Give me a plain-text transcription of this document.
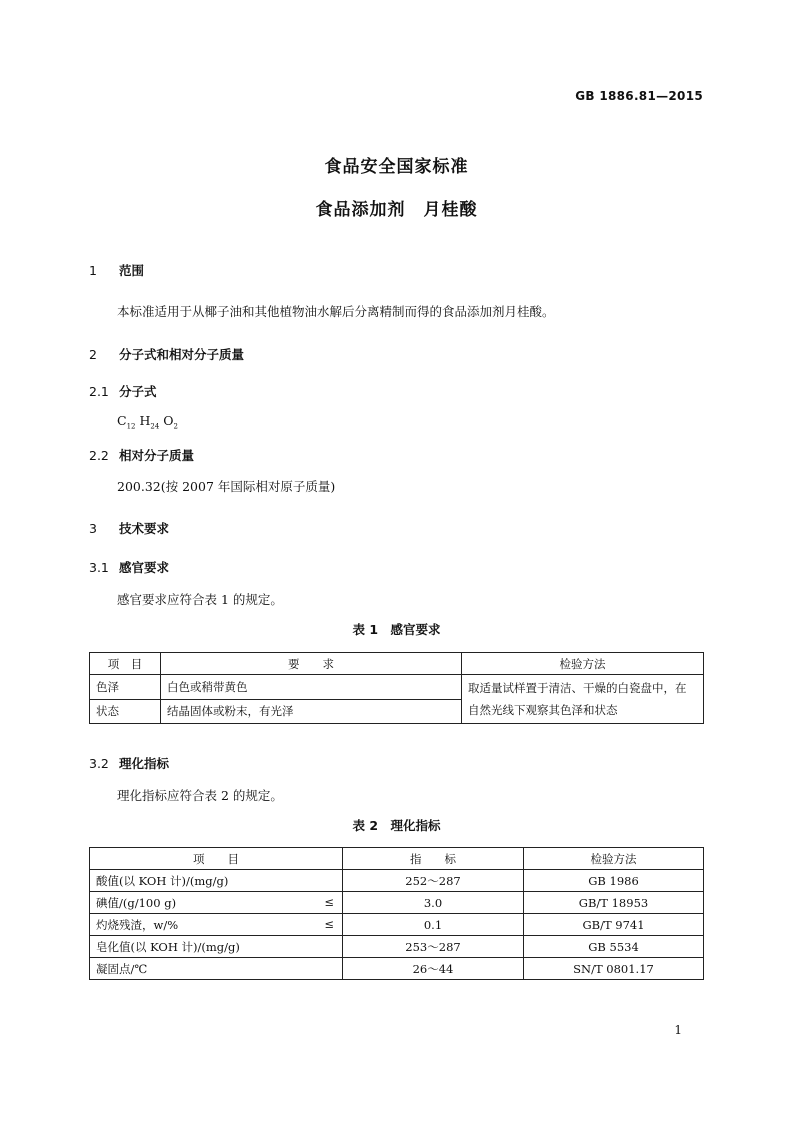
GB 1886.81—2015
食品安全国家标准
食品添加剂　月桂酸
1 范围
本标准适用于从椰子油和其他植物油水解后分离精制而得的食品添加剂月桂酸。
2 分子式和相对分子质量
2.1 分子式
$C_{12}$ $H_{24}$ $O_2$
2.2 相对分子质量
200.32(按 2007 年国际相对原子质量)
3 技术要求
3.1 感官要求
感官要求应符合表 1 的规定。
表 1　感官要求
项　目	要　　求	检验方法
色泽	白色或稍带黄色	取适量试样置于清洁、干燥的白瓷盘中，在自然光线下观察其色泽和状态
状态	结晶固体或粉末，有光泽	
3.2 理化指标
理化指标应符合表 2 的规定。
表 2　理化指标
项　　目	指　　标	检验方法
酸值(以 KOH 计)/(mg/g)	252～287	GB 1986
碘值/(g/100 g) ≤	3.0	GB/T 18953
灼烧残渣，w/% ≤	0.1	GB/T 9741
皂化值(以 KOH 计)/(mg/g)	253～287	GB 5534
凝固点/℃	26～44	SN/T 0801.17
1
